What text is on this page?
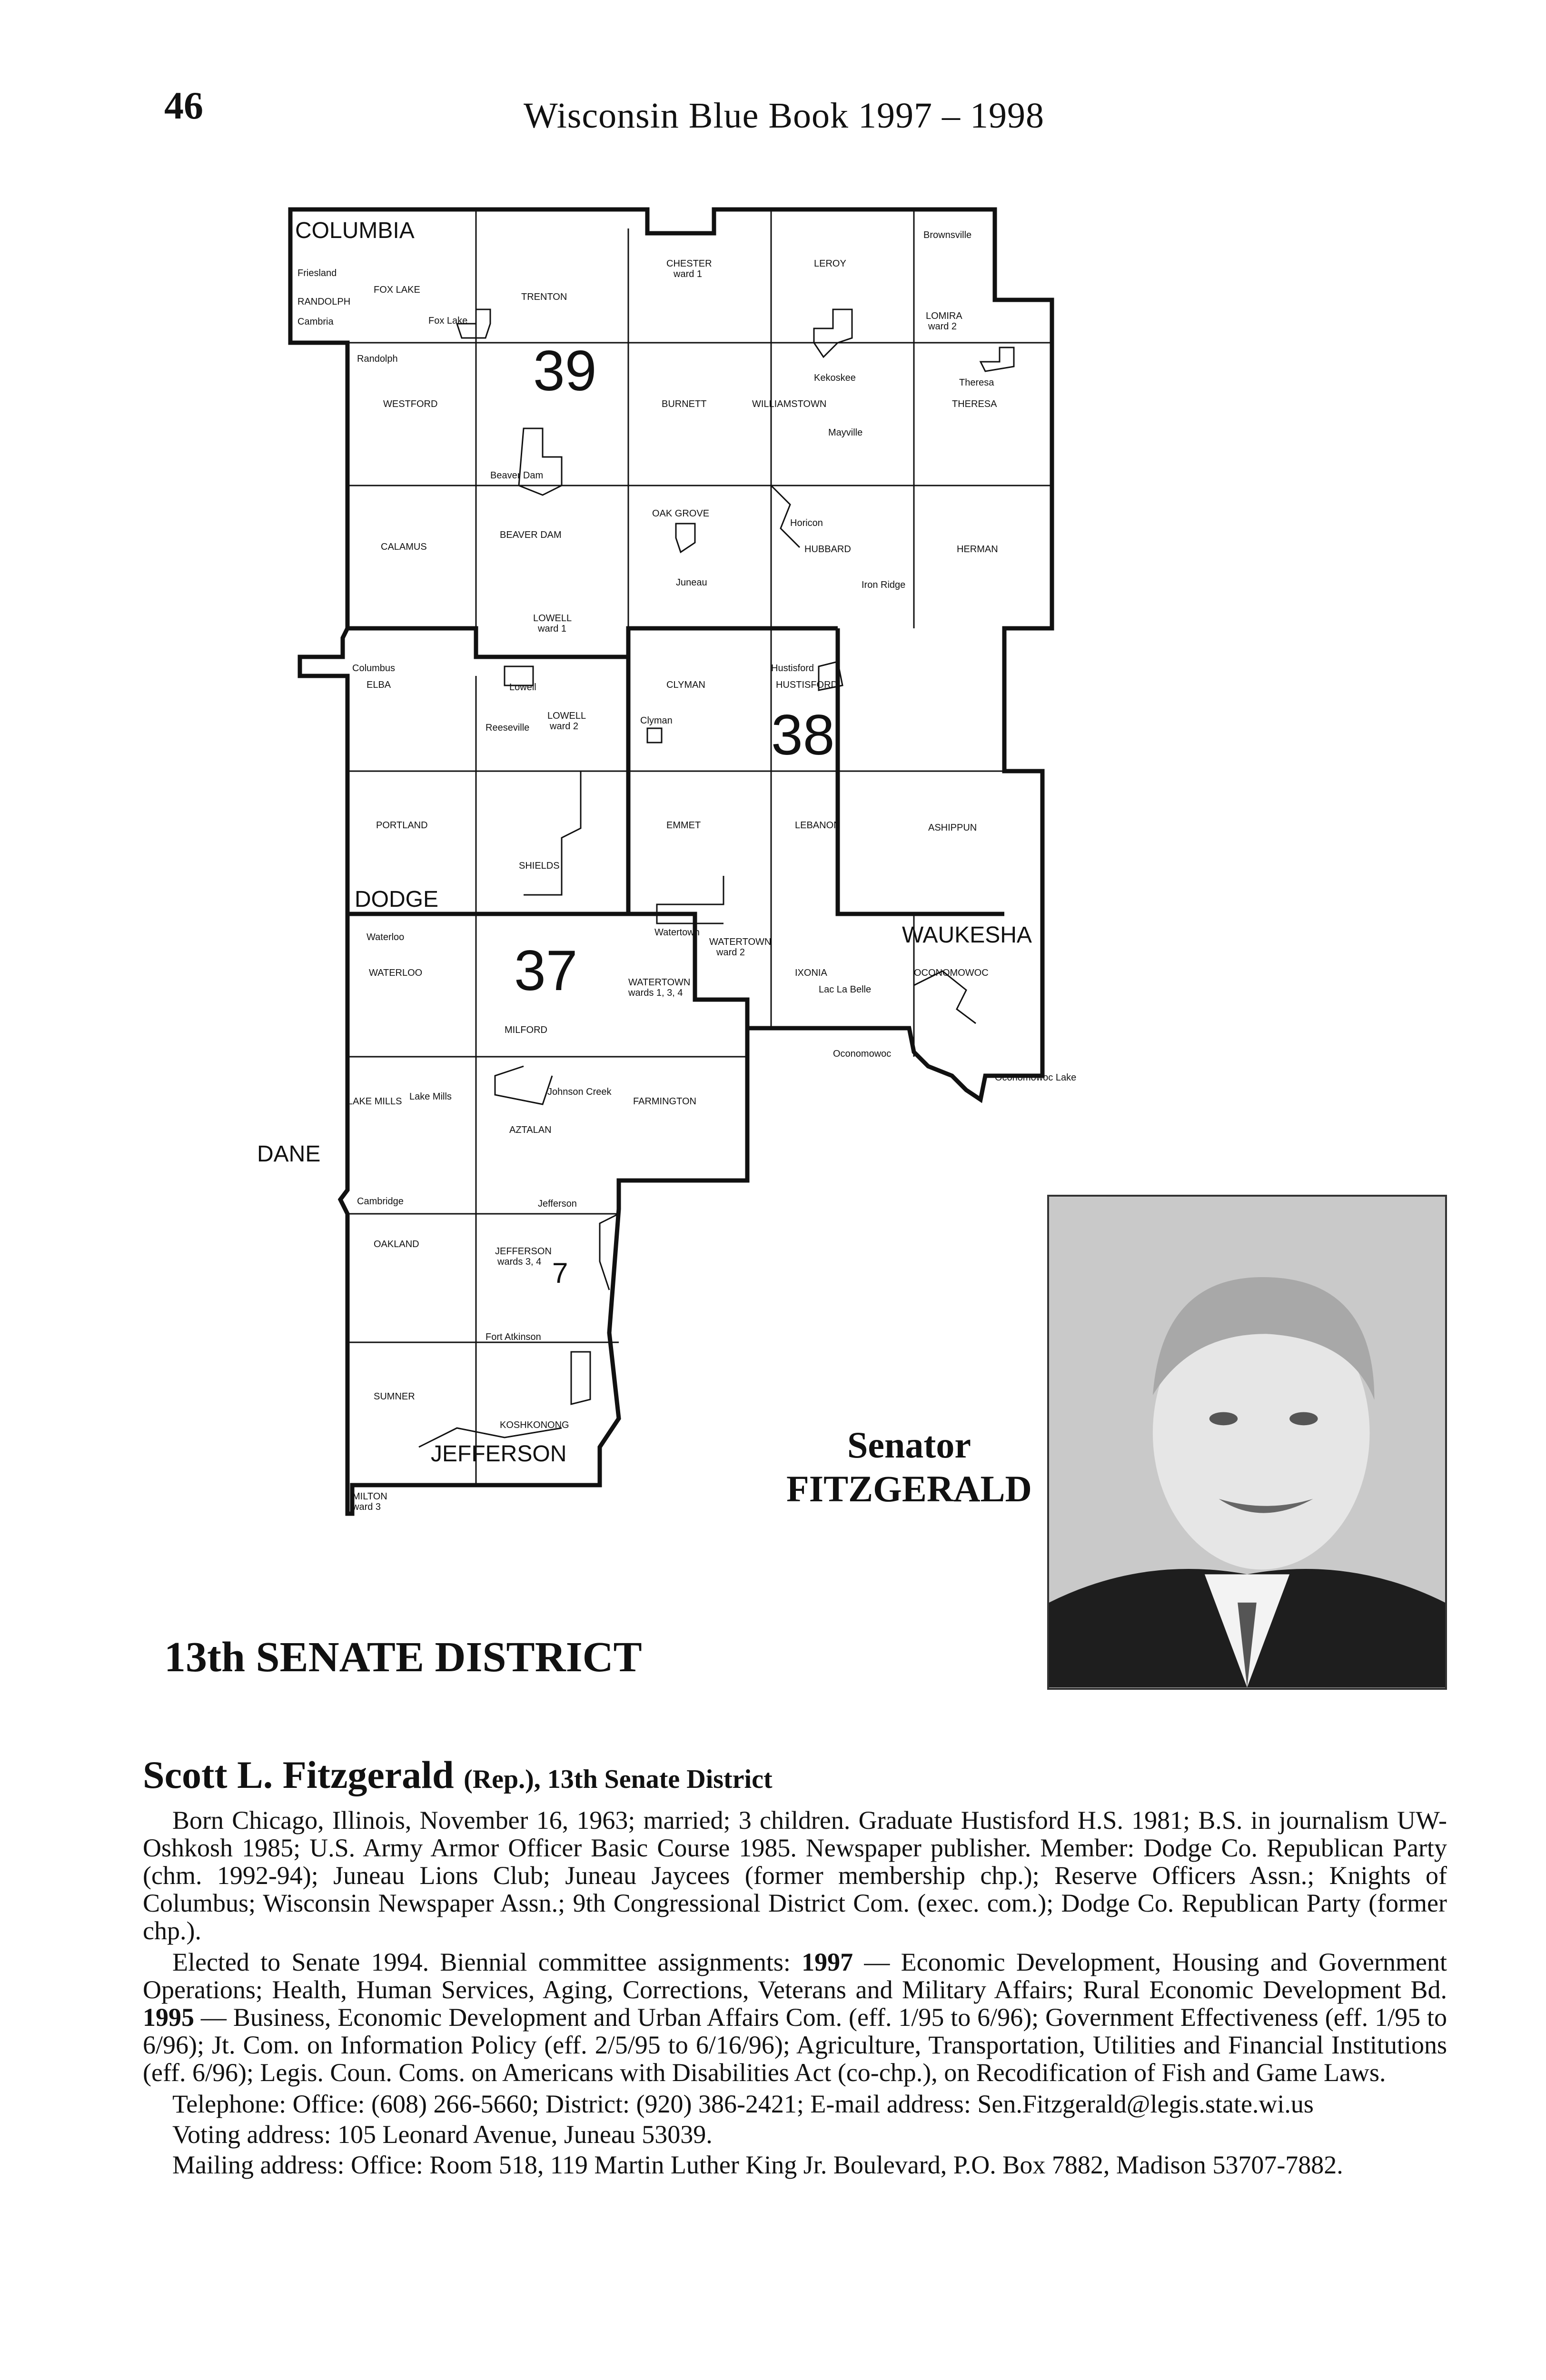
46	Wisconsin Blue Book 1997 – 1998
COLUMBIA
DODGE
DANE
WAUKESHA
JEFFERSON
39
38
37
Friesland
RANDOLPH
Cambria
FOX LAKE
Fox Lake
TRENTON
CHESTER
ward 1
LEROY
Brownsville
LOMIRA
ward 2
Randolph
WESTFORD	BURNETT
Kekoskee
WILLIAMSTOWN
Mayville
Theresa
THERESA
Beaver Dam
BEAVER DAM
CALAMUS
OAK GROVE
Horicon
HUBBARD	HERMAN
Juneau	Iron Ridge
LOWELL
ward 1
Columbus
ELBA	Lowell
Reeseville
LOWELL
ward 2
CLYMAN
Clyman
Hustisford
HUSTISFORD
PORTLAND
SHIELDS
EMMET	LEBANON	ASHIPPUN
Waterloo
WATERLOO
Watertown
WATERTOWN
ward 2
WATERTOWN
wards 1, 3, 4
IXONIA
Lac La Belle
OCONOMOWOC
Oconomowoc
Oconomowoc Lake
MILFORD
LAKE MILLS Lake Mills	Johnson Creek
FARMINGTON
AZTALAN
Cambridge
OAKLAND
Jefferson
JEFFERSON
wards 3, 4 7
Fort Atkinson
SUMNER
KOSHKONONG
MILTON
ward 3
Senator
FITZGERALD
13th SENATE DISTRICT
Scott L. Fitzgerald (Rep.), 13th Senate District

Born Chicago, Illinois, November 16, 1963; married; 3 children. Graduate Hustisford H.S. 1981; B.S. in journalism UW-Oshkosh 1985; U.S. Army Armor Officer Basic Course 1985. Newspaper publisher. Member: Dodge Co. Republican Party (chm. 1992-94); Juneau Lions Club; Juneau Jaycees (former membership chp.); Reserve Officers Assn.; Knights of Columbus; Wisconsin Newspaper Assn.; 9th Congressional District Com. (exec. com.); Dodge Co. Republican Party (former chp.).

Elected to Senate 1994. Biennial committee assignments: 1997 — Economic Development, Housing and Government Operations; Health, Human Services, Aging, Corrections, Veterans and Military Affairs; Rural Economic Development Bd. 1995 — Business, Economic Development and Urban Affairs Com. (eff. 1/95 to 6/96); Government Effectiveness (eff. 1/95 to 6/96); Jt. Com. on Information Policy (eff. 2/5/95 to 6/16/96); Agriculture, Transportation, Utilities and Financial Institutions (eff. 6/96); Legis. Coun. Coms. on Americans with Disabilities Act (co-chp.), on Recodification of Fish and Game Laws.

Telephone: Office: (608) 266-5660; District: (920) 386-2421; E-mail address: Sen.Fitzgerald@legis.state.wi.us
Voting address: 105 Leonard Avenue, Juneau 53039.
Mailing address: Office: Room 518, 119 Martin Luther King Jr. Boulevard, P.O. Box 7882, Madison 53707-7882.
